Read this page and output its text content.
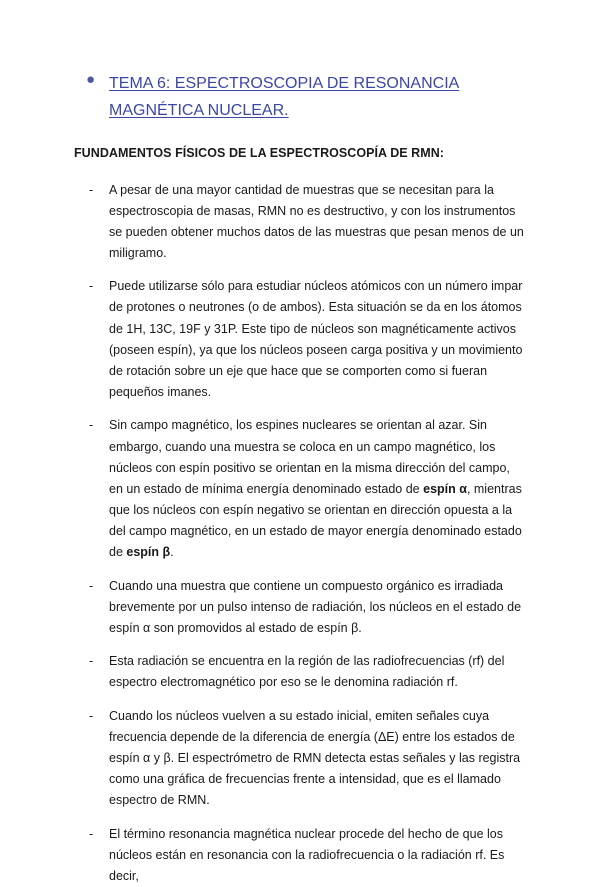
● TEMA 6: ESPECTROSCOPIA DE RESONANCIA MAGNÉTICA NUCLEAR.
FUNDAMENTOS FÍSICOS DE LA ESPECTROSCOPÍA DE RMN:
- A pesar de una mayor cantidad de muestras que se necesitan para la espectroscopia de masas, RMN no es destructivo, y con los instrumentos se pueden obtener muchos datos de las muestras que pesan menos de un miligramo.

- Puede utilizarse sólo para estudiar núcleos atómicos con un número impar de protones o neutrones (o de ambos). Esta situación se da en los átomos de 1H, 13C, 19F y 31P. Este tipo de núcleos son magnéticamente activos (poseen espín), ya que los núcleos poseen carga positiva y un movimiento de rotación sobre un eje que hace que se comporten como si fueran pequeños imanes.

- Sin campo magnético, los espines nucleares se orientan al azar. Sin embargo, cuando una muestra se coloca en un campo magnético, los núcleos con espín positivo se orientan en la misma dirección del campo, en un estado de mínima energía denominado estado de espín α, mientras que los núcleos con espín negativo se orientan en dirección opuesta a la del campo magnético, en un estado de mayor energía denominado estado de espín β.

- Cuando una muestra que contiene un compuesto orgánico es irradiada brevemente por un pulso intenso de radiación, los núcleos en el estado de espín α son promovidos al estado de espín β.

- Esta radiación se encuentra en la región de las radiofrecuencias (rf) del espectro electromagnético por eso se le denomina radiación rf.

- Cuando los núcleos vuelven a su estado inicial, emiten señales cuya frecuencia depende de la diferencia de energía (ΔE) entre los estados de espín α y β. El espectrómetro de RMN detecta estas señales y las registra como una gráfica de frecuencias frente a intensidad, que es el llamado espectro de RMN.

- El término resonancia magnética nuclear procede del hecho de que los núcleos están en resonancia con la radiofrecuencia o la radiación rf. Es decir,
